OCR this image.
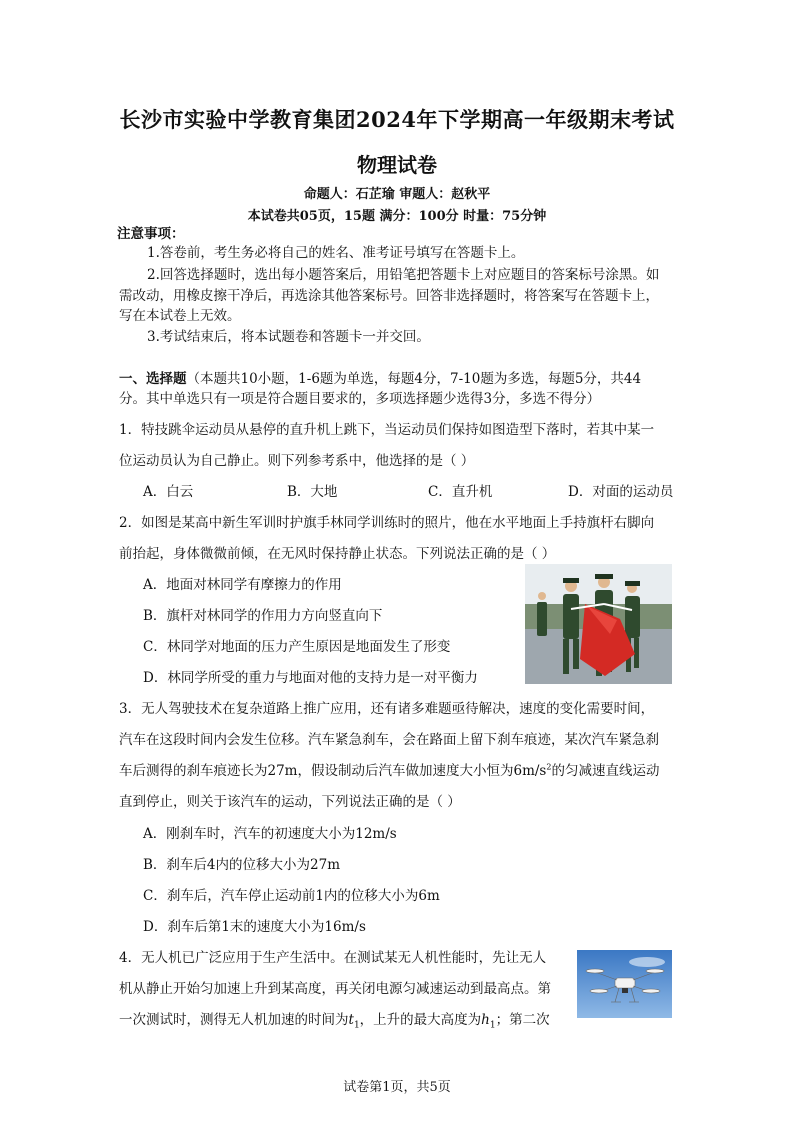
长沙市实验中学教育集团2024年下学期高一年级期末考试
物理试卷
命题人：石芷瑜 审题人：赵秋平
本试卷共05页，15题 满分：100分 时量：75分钟
注意事项：
1.答卷前，考生务必将自己的姓名、准考证号填写在答题卡上。
2.回答选择题时，选出每小题答案后，用铅笔把答题卡上对应题目的答案标号涂黑。如
需改动，用橡皮擦干净后，再选涂其他答案标号。回答非选择题时，将答案写在答题卡上，
写在本试卷上无效。
3.考试结束后，将本试题卷和答题卡一并交回。
一、选择题（本题共10小题，1-6题为单选，每题4分，7-10题为多选，每题5分，共44
分。其中单选只有一项是符合题目要求的，多项选择题少选得3分，多选不得分）
1．特技跳伞运动员从悬停的直升机上跳下，当运动员们保持如图造型下落时，若其中某一
位运动员认为自己静止。则下列参考系中，他选择的是（ ）
A．白云	B．大地	C．直升机	D．对面的运动员
2．如图是某高中新生军训时护旗手林同学训练时的照片，他在水平地面上手持旗杆右脚向
前抬起，身体微微前倾，在无风时保持静止状态。下列说法正确的是（ ）
A．地面对林同学有摩擦力的作用
B．旗杆对林同学的作用力方向竖直向下
C．林同学对地面的压力产生原因是地面发生了形变
D．林同学所受的重力与地面对他的支持力是一对平衡力
3．无人驾驶技术在复杂道路上推广应用，还有诸多难题亟待解决，速度的变化需要时间，
汽车在这段时间内会发生位移。汽车紧急刹车，会在路面上留下刹车痕迹，某次汽车紧急刹
车后测得的刹车痕迹长为27m，假设制动后汽车做加速度大小恒为$6m/s^2$的匀减速直线运动
直到停止，则关于该汽车的运动，下列说法正确的是（ ）
A．刚刹车时，汽车的初速度大小为12m/s
B．刹车后4内的位移大小为27m
C．刹车后，汽车停止运动前1内的位移大小为6m
D．刹车后第1末的速度大小为16m/s
4．无人机已广泛应用于生产生活中。在测试某无人机性能时，先让无人
机从静止开始匀加速上升到某高度，再关闭电源匀减速运动到最高点。第
一次测试时，测得无人机加速的时间为$t_1$，上升的最大高度为$h_1$；第二次
试卷第1页，共5页
